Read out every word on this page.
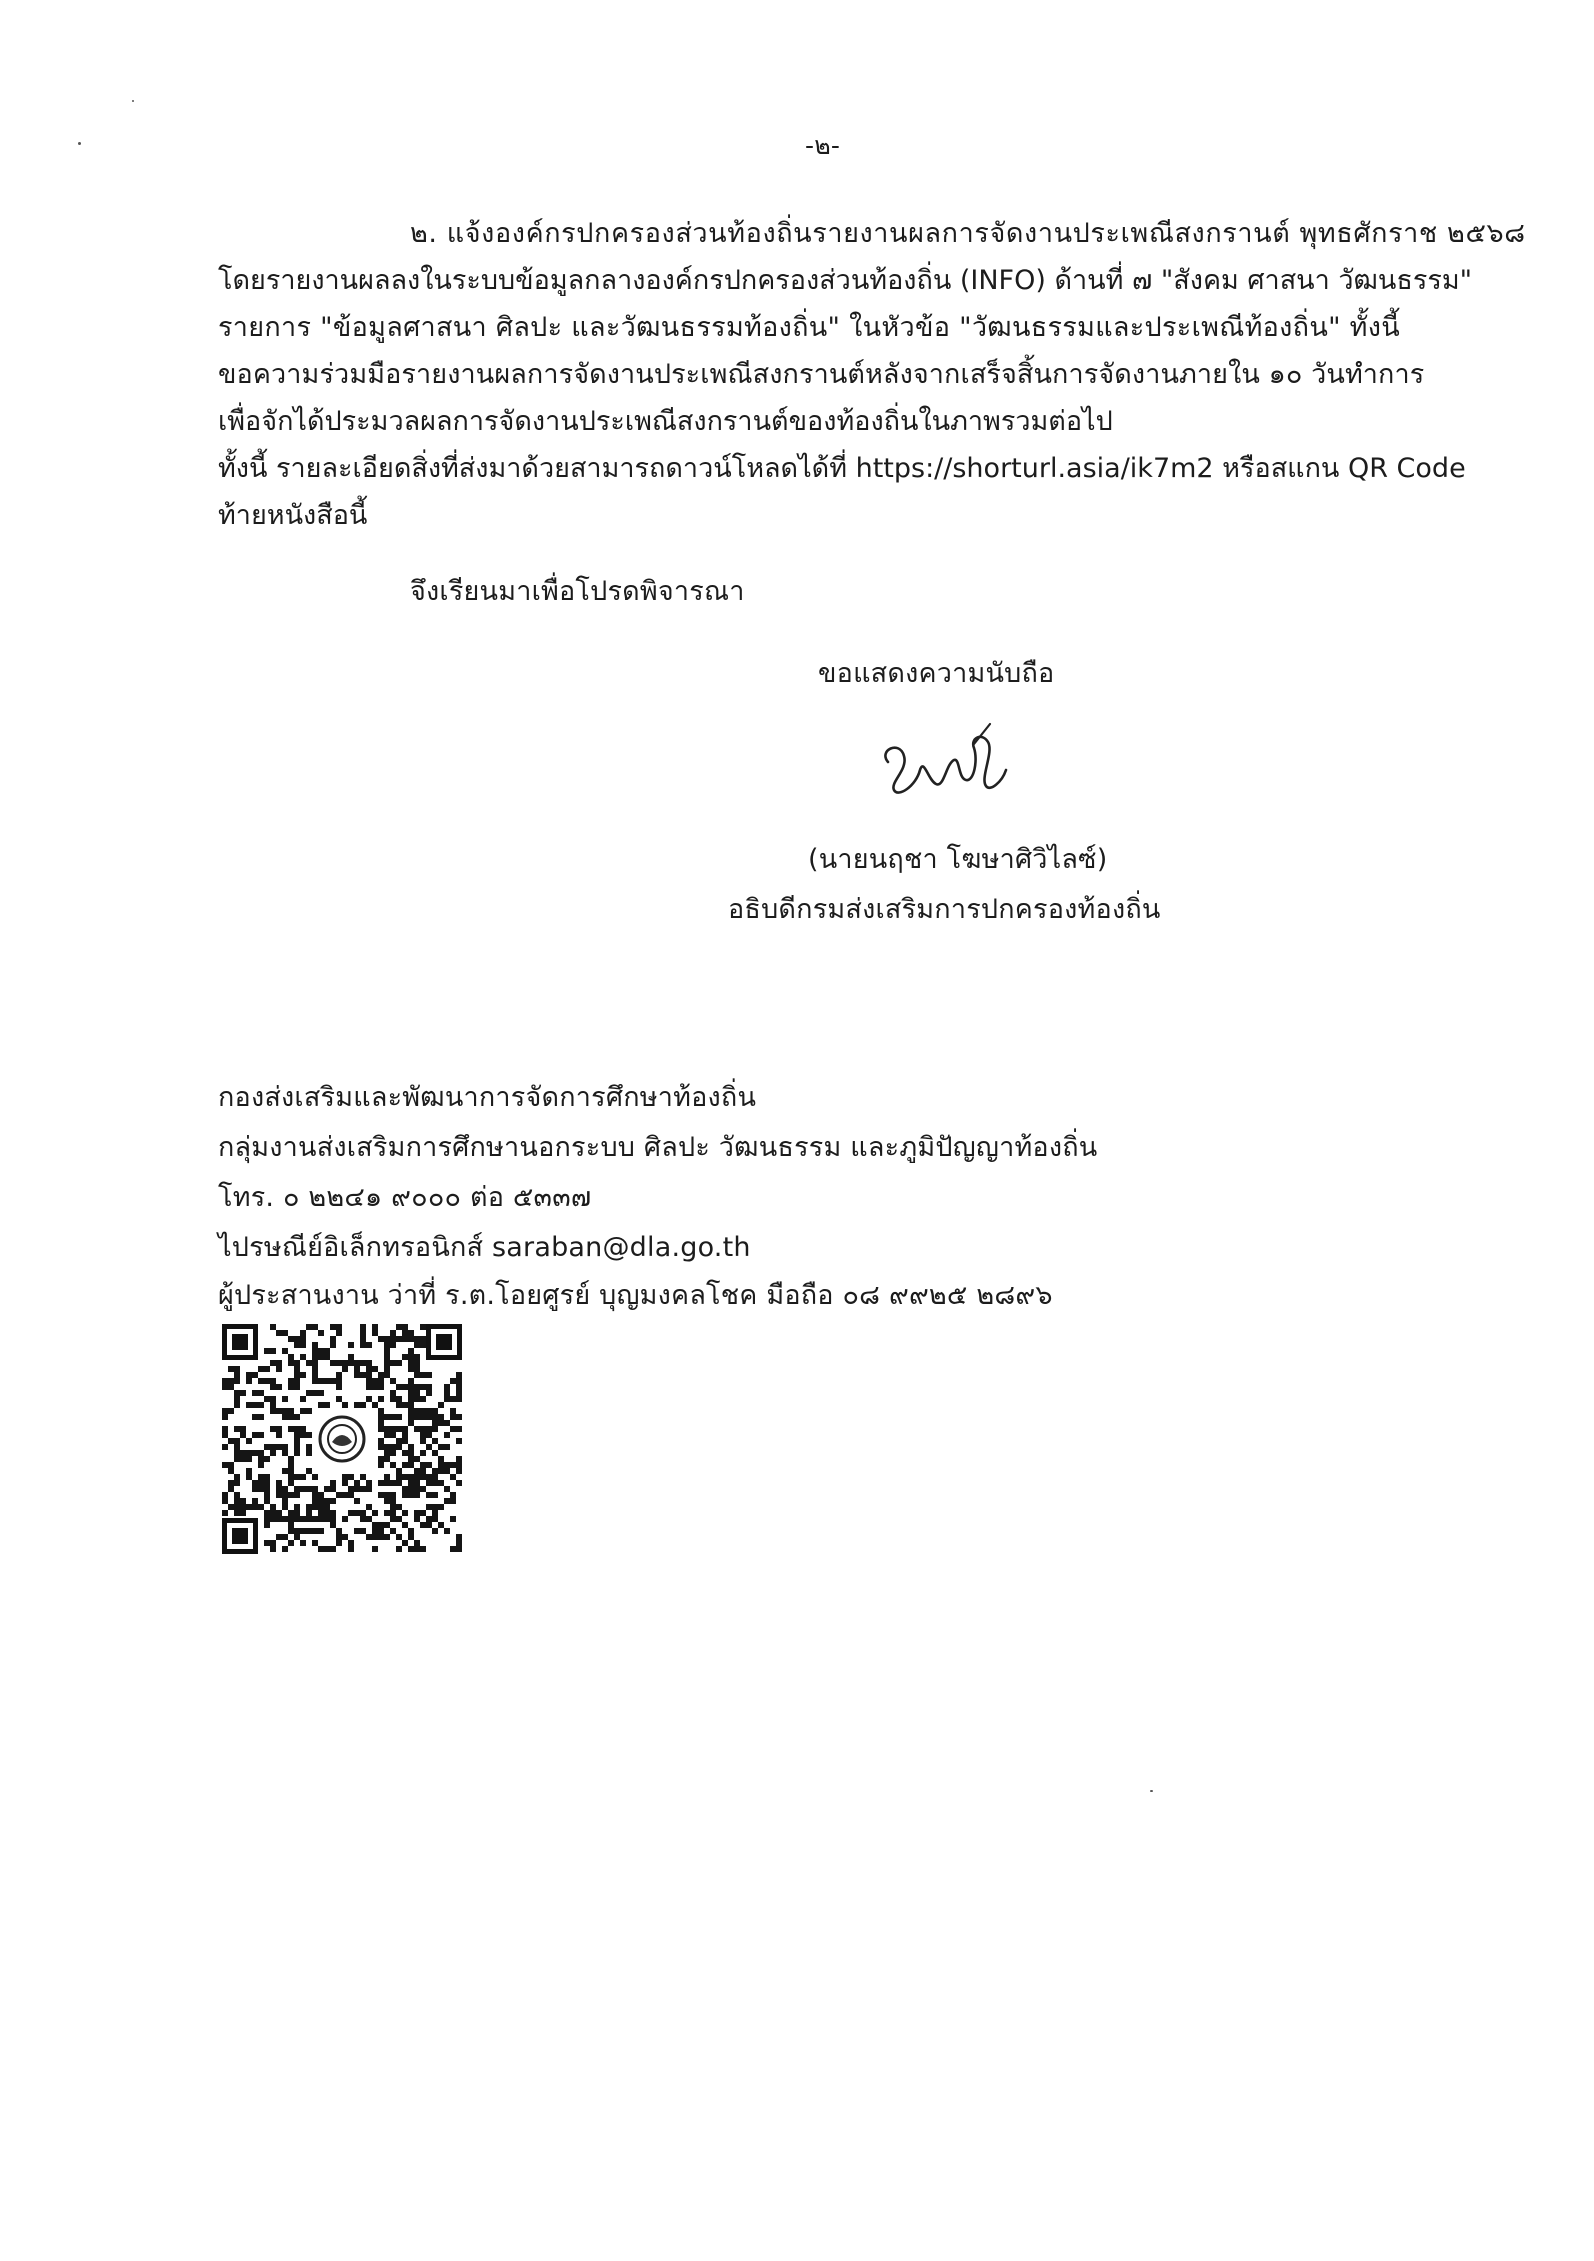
-๒-
๒. แจ้งองค์กรปกครองส่วนท้องถิ่นรายงานผลการจัดงานประเพณีสงกรานต์ พุทธศักราช ๒๕๖๘
โดยรายงานผลลงในระบบข้อมูลกลางองค์กรปกครองส่วนท้องถิ่น (INFO) ด้านที่ ๗ "สังคม ศาสนา วัฒนธรรม"
รายการ "ข้อมูลศาสนา ศิลปะ และวัฒนธรรมท้องถิ่น" ในหัวข้อ "วัฒนธรรมและประเพณีท้องถิ่น" ทั้งนี้
ขอความร่วมมือรายงานผลการจัดงานประเพณีสงกรานต์หลังจากเสร็จสิ้นการจัดงานภายใน ๑๐ วันทำการ
เพื่อจักได้ประมวลผลการจัดงานประเพณีสงกรานต์ของท้องถิ่นในภาพรวมต่อไป
ทั้งนี้ รายละเอียดสิ่งที่ส่งมาด้วยสามารถดาวน์โหลดได้ที่ https://shorturl.asia/ik7m2 หรือสแกน QR Code
ท้ายหนังสือนี้
จึงเรียนมาเพื่อโปรดพิจารณา
ขอแสดงความนับถือ
(นายนฤชา โฆษาศิวิไลซ์)
อธิบดีกรมส่งเสริมการปกครองท้องถิ่น
กองส่งเสริมและพัฒนาการจัดการศึกษาท้องถิ่น
กลุ่มงานส่งเสริมการศึกษานอกระบบ ศิลปะ วัฒนธรรม และภูมิปัญญาท้องถิ่น
โทร. ๐ ๒๒๔๑ ๙๐๐๐ ต่อ ๕๓๓๗
ไปรษณีย์อิเล็กทรอนิกส์ saraban@dla.go.th
ผู้ประสานงาน ว่าที่ ร.ต.โอยศูรย์ บุญมงคลโชค มือถือ ๐๘ ๙๙๒๕ ๒๘๙๖
